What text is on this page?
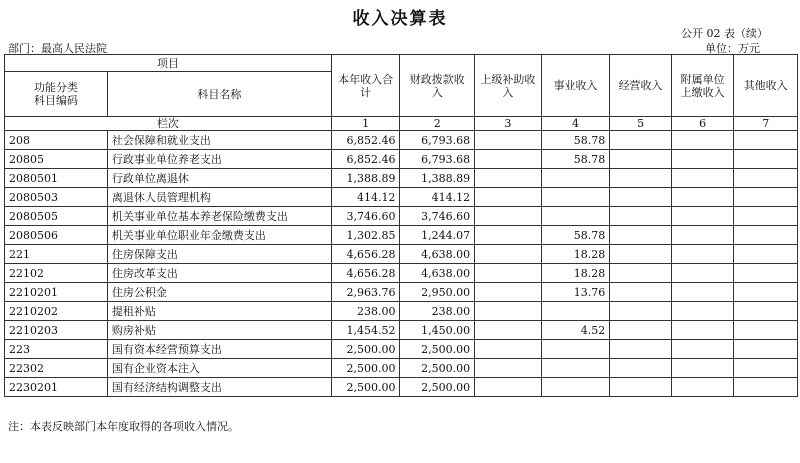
收入决算表
公开 02 表（续）
部门：最高人民法院	单位：万元
项目		本年收入合计	财政拨款收入	上级补助收入	事业收入	经营收入	附属单位上缴收入	其他收入
功能分类
科目编码	科目名称							
栏次		1	2	3	4	5	6	7
208	社会保障和就业支出	6,852.46	6,793.68		58.78			
20805	行政事业单位养老支出	6,852.46	6,793.68		58.78			
2080501	行政单位离退休	1,388.89	1,388.89					
2080503	离退休人员管理机构	414.12	414.12					
2080505	机关事业单位基本养老保险缴费支出	3,746.60	3,746.60					
2080506	机关事业单位职业年金缴费支出	1,302.85	1,244.07		58.78			
221	住房保障支出	4,656.28	4,638.00		18.28			
22102	住房改革支出	4,656.28	4,638.00		18.28			
2210201	住房公积金	2,963.76	2,950.00		13.76			
2210202	提租补贴	238.00	238.00					
2210203	购房补贴	1,454.52	1,450.00		4.52			
223	国有资本经营预算支出	2,500.00	2,500.00					
22302	国有企业资本注入	2,500.00	2,500.00					
2230201	国有经济结构调整支出	2,500.00	2,500.00					
注：本表反映部门本年度取得的各项收入情况。
